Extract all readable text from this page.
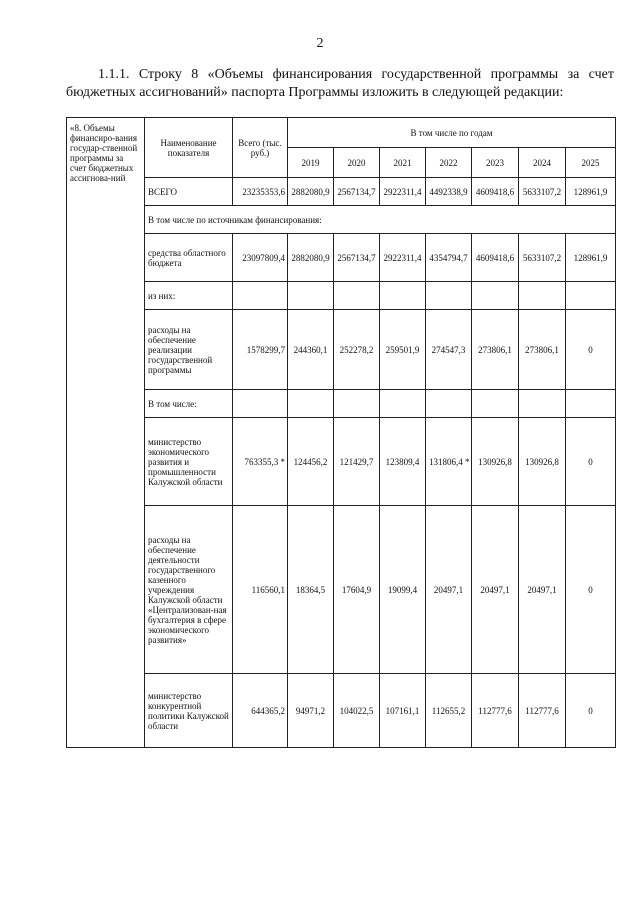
2

1.1.1. Строку 8 «Объемы финансирования государственной программы за счет бюджетных ассигнований» паспорта Программы изложить в следующей редакции:

«8. Объемы финансиро-вания государ-ственной программы за счет бюджетных ассигнова-ний	Наименование показателя	Всего (тыс. руб.)	В том числе по годам						
			2019	2020	2021	2022	2023	2024	2025
	ВСЕГО	23235353,6	2882080,9	2567134,7	2922311,4	4492338,9	4609418,6	5633107,2	128961,9
	В том числе по источникам финансирования:								
	средства областного бюджета	23097809,4	2882080,9	2567134,7	2922311,4	4354794,7	4609418,6	5633107,2	128961,9
	из них:								
	расходы на обеспечение реализации государственной программы	1578299,7	244360,1	252278,2	259501,9	274547,3	273806,1	273806,1	0
	В том числе:								
	министерство экономического развития и промышленности Калужской области	763355,3 *	124456,2	121429,7	123809,4	131806,4 *	130926,8	130926,8	0
	расходы на обеспечение деятельности государственного казенного учреждения Калужской области «Централизован-ная бухгалтерия в сфере экономического развития»	116560,1	18364,5	17604,9	19099,4	20497,1	20497,1	20497,1	0
	министерство конкурентной политики Калужской области	644365,2	94971,2	104022,5	107161,1	112655,2	112777,6	112777,6	0
